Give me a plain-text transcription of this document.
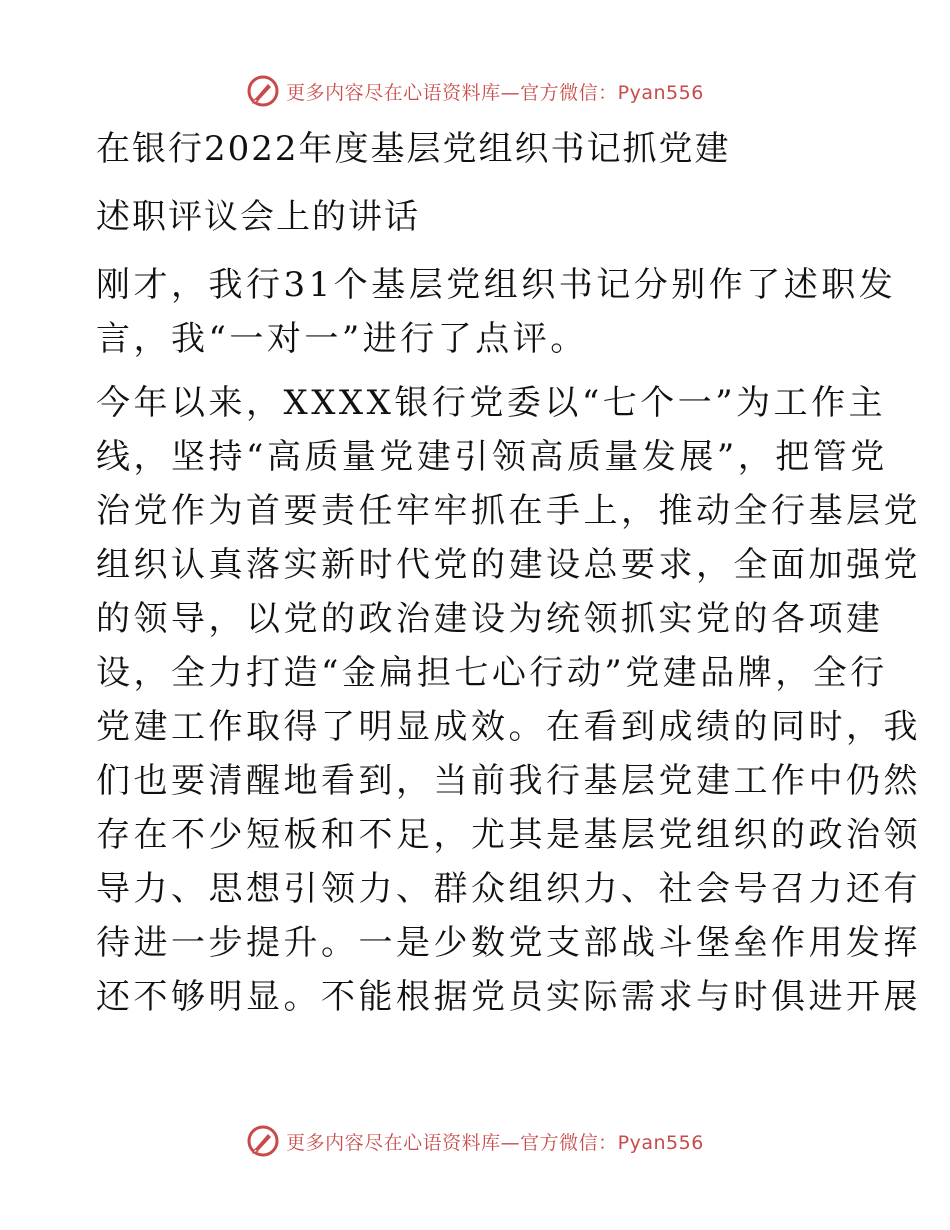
更多内容尽在心语资料库—官方微信：Pyan556
在银行2022年度基层党组织书记抓党建
述职评议会上的讲话
刚才，我行31个基层党组织书记分别作了述职发
言，我“一对一”进行了点评。
今年以来，XXXX银行党委以“七个一”为工作主
线，坚持“高质量党建引领高质量发展”，把管党
治党作为首要责任牢牢抓在手上，推动全行基层党
组织认真落实新时代党的建设总要求，全面加强党
的领导，以党的政治建设为统领抓实党的各项建
设，全力打造“金扁担七心行动”党建品牌，全行
党建工作取得了明显成效。在看到成绩的同时，我
们也要清醒地看到，当前我行基层党建工作中仍然
存在不少短板和不足，尤其是基层党组织的政治领
导力、思想引领力、群众组织力、社会号召力还有
待进一步提升。一是少数党支部战斗堡垒作用发挥
还不够明显。不能根据党员实际需求与时俱进开展
更多内容尽在心语资料库—官方微信：Pyan556
